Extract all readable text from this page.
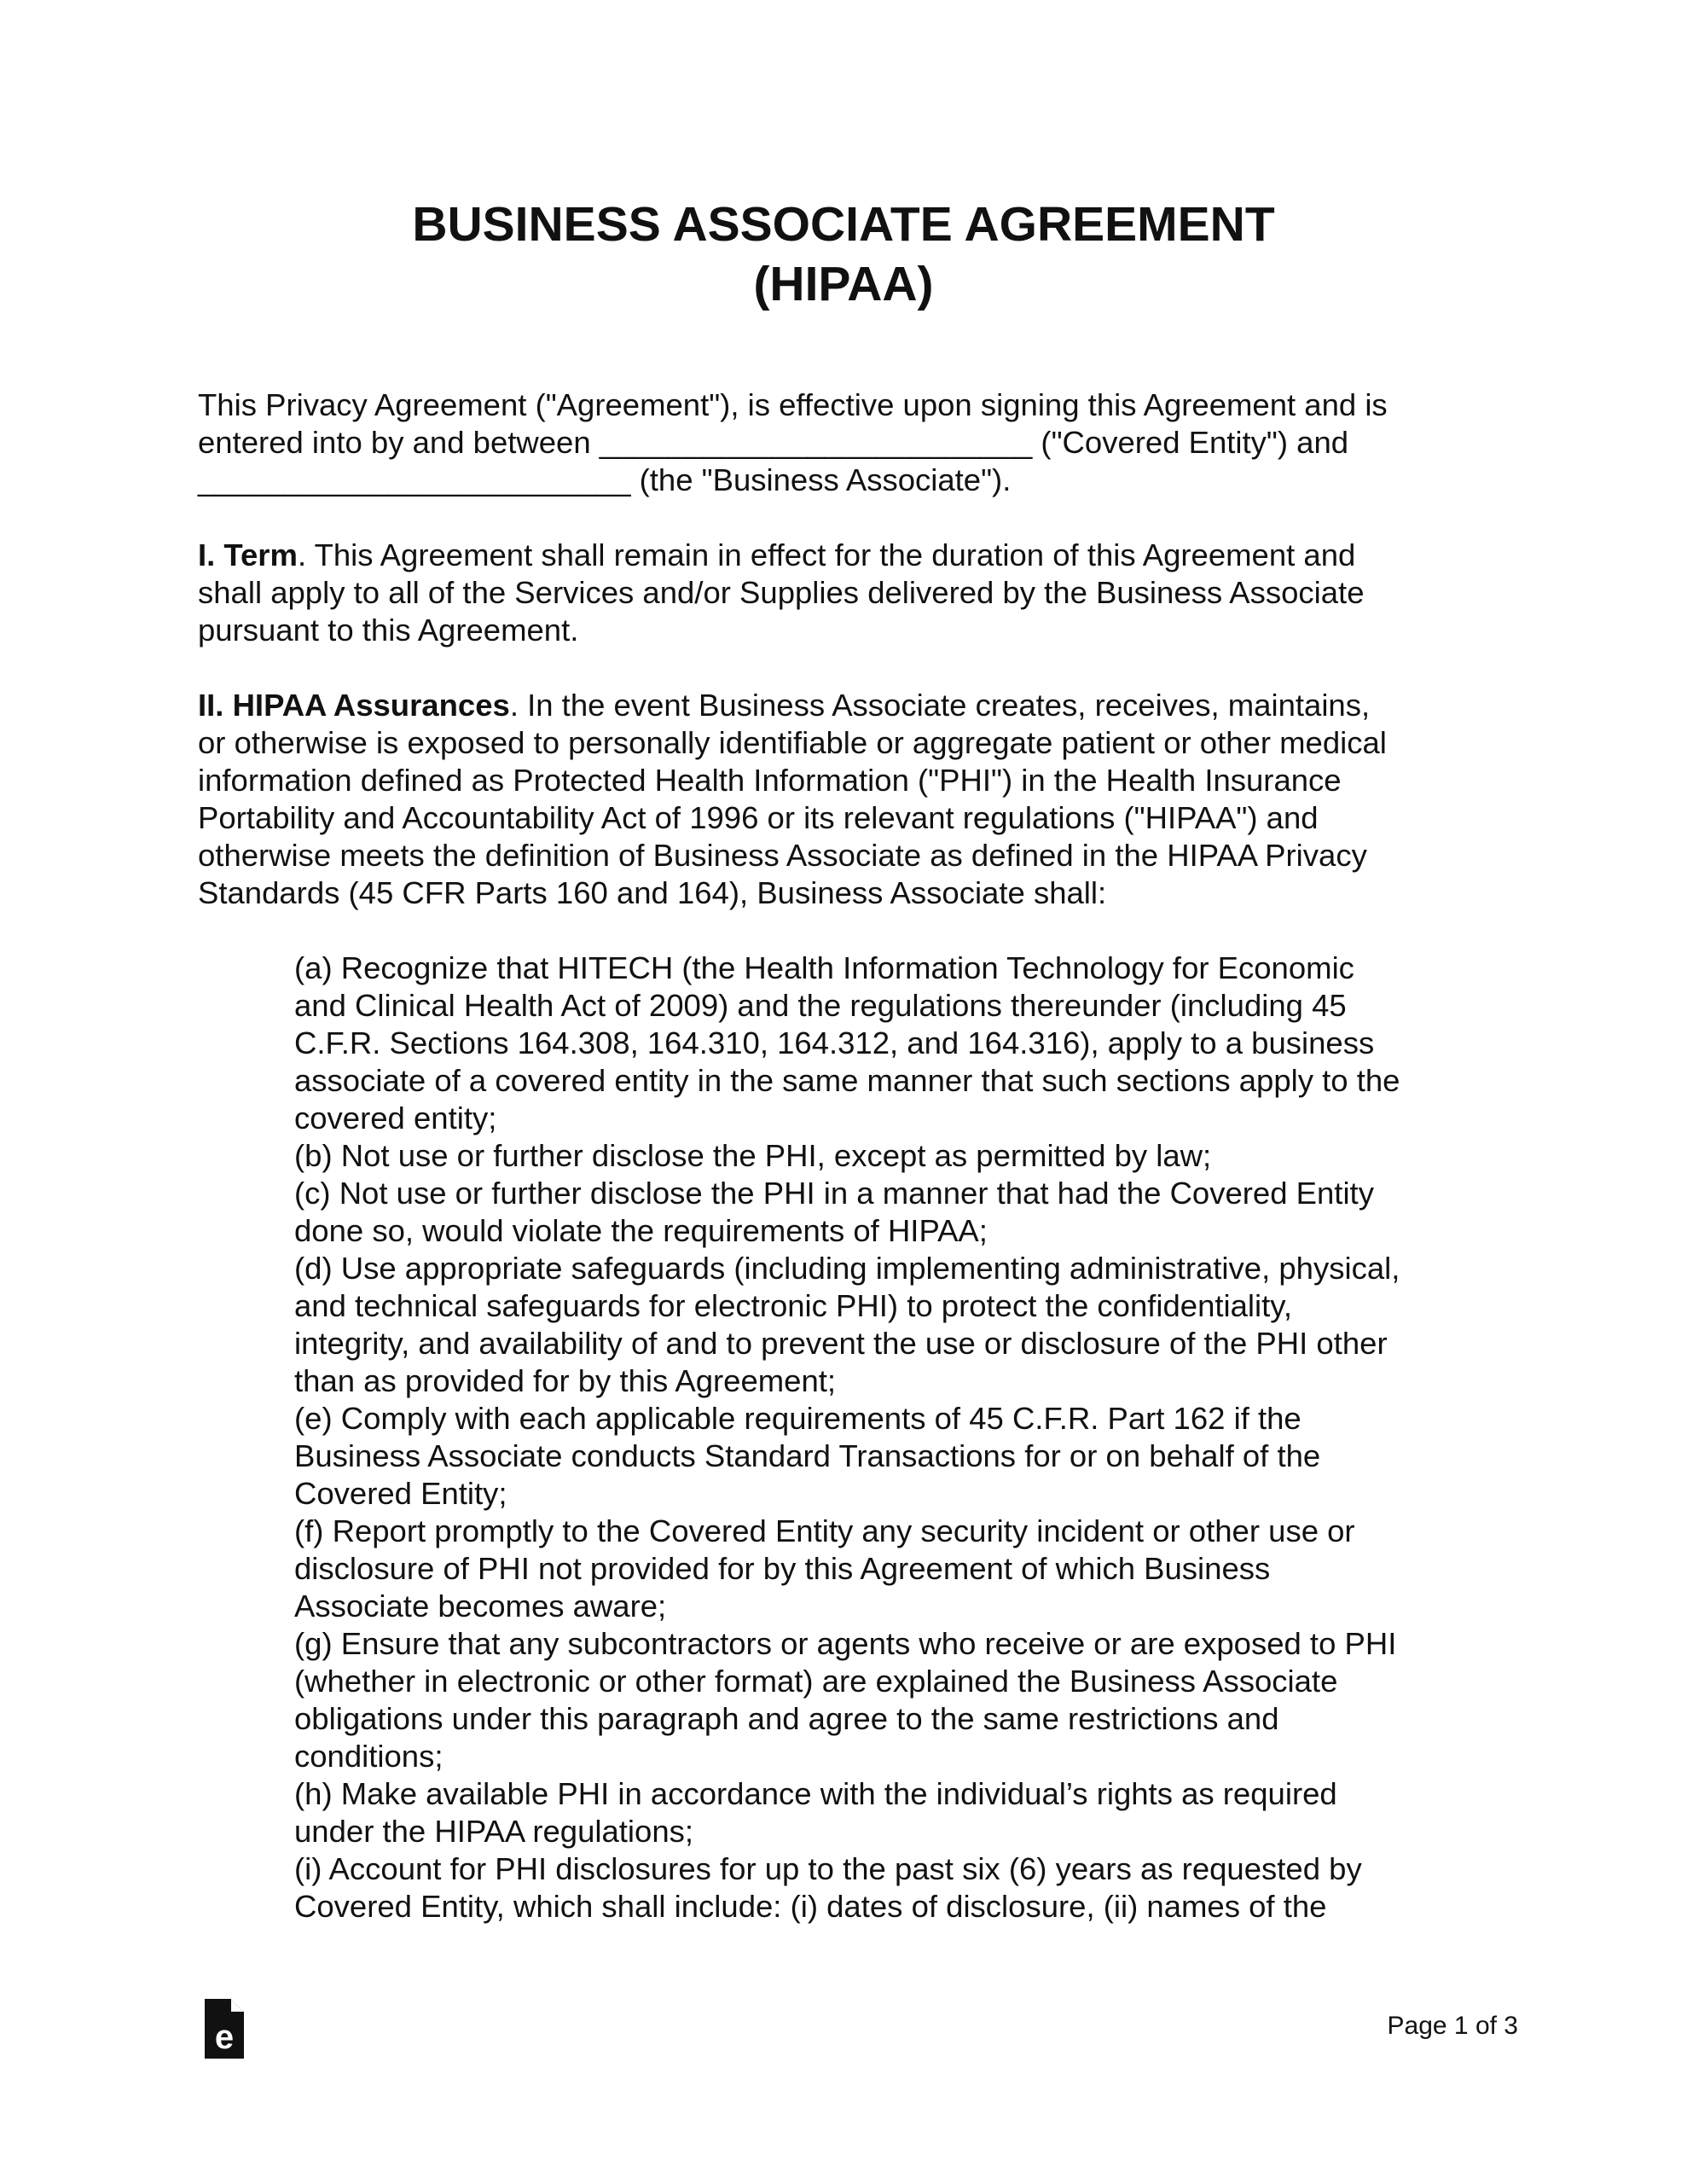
BUSINESS ASSOCIATE AGREEMENT
(HIPAA)

This Privacy Agreement ("Agreement"), is effective upon signing this Agreement and is
entered into by and between _________________________ ("Covered Entity") and
_________________________ (the "Business Associate").

I. Term. This Agreement shall remain in effect for the duration of this Agreement and
shall apply to all of the Services and/or Supplies delivered by the Business Associate
pursuant to this Agreement.

II. HIPAA Assurances. In the event Business Associate creates, receives, maintains,
or otherwise is exposed to personally identifiable or aggregate patient or other medical
information defined as Protected Health Information ("PHI") in the Health Insurance
Portability and Accountability Act of 1996 or its relevant regulations ("HIPAA") and
otherwise meets the definition of Business Associate as defined in the HIPAA Privacy
Standards (45 CFR Parts 160 and 164), Business Associate shall:

(a) Recognize that HITECH (the Health Information Technology for Economic
and Clinical Health Act of 2009) and the regulations thereunder (including 45
C.F.R. Sections 164.308, 164.310, 164.312, and 164.316), apply to a business
associate of a covered entity in the same manner that such sections apply to the
covered entity;
(b) Not use or further disclose the PHI, except as permitted by law;
(c) Not use or further disclose the PHI in a manner that had the Covered Entity
done so, would violate the requirements of HIPAA;
(d) Use appropriate safeguards (including implementing administrative, physical,
and technical safeguards for electronic PHI) to protect the confidentiality,
integrity, and availability of and to prevent the use or disclosure of the PHI other
than as provided for by this Agreement;
(e) Comply with each applicable requirements of 45 C.F.R. Part 162 if the
Business Associate conducts Standard Transactions for or on behalf of the
Covered Entity;
(f) Report promptly to the Covered Entity any security incident or other use or
disclosure of PHI not provided for by this Agreement of which Business
Associate becomes aware;
(g) Ensure that any subcontractors or agents who receive or are exposed to PHI
(whether in electronic or other format) are explained the Business Associate
obligations under this paragraph and agree to the same restrictions and
conditions;
(h) Make available PHI in accordance with the individual’s rights as required
under the HIPAA regulations;
(i) Account for PHI disclosures for up to the past six (6) years as requested by
Covered Entity, which shall include: (i) dates of disclosure, (ii) names of the
e	Page 1 of 3
